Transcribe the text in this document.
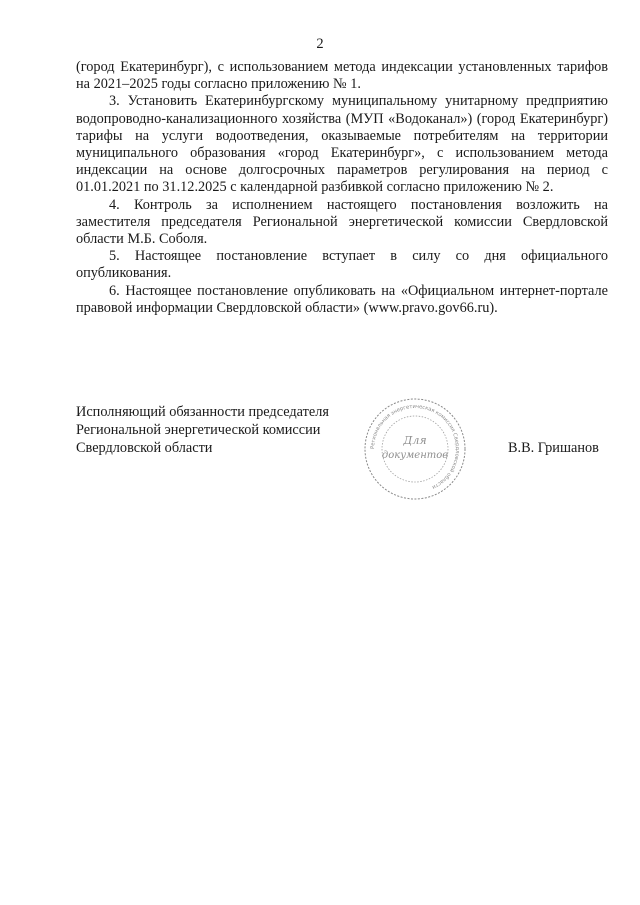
2

(город Екатеринбург), с использованием метода индексации установленных тарифов на 2021–2025 годы согласно приложению № 1.

3. Установить Екатеринбургскому муниципальному унитарному предприятию водопроводно-канализационного хозяйства (МУП «Водоканал») (город Екатеринбург) тарифы на услуги водоотведения, оказываемые потребителям на территории муниципального образования «город Екатеринбург», с использованием метода индексации на основе долгосрочных параметров регулирования на период с 01.01.2021 по 31.12.2025 с календарной разбивкой согласно приложению № 2.

4. Контроль за исполнением настоящего постановления возложить на заместителя председателя Региональной энергетической комиссии Свердловской области М.Б. Соболя.

5. Настоящее постановление вступает в силу со дня официального опубликования.

6. Настоящее постановление опубликовать на «Официальном интернет-портале правовой информации Свердловской области» (www.pravo.gov66.ru).

Исполняющий обязанности председателя
Региональной энергетической комиссии
Свердловской области	Региональная энергетическая комиссия Свердловской области
Для
документов	В.В. Гришанов
